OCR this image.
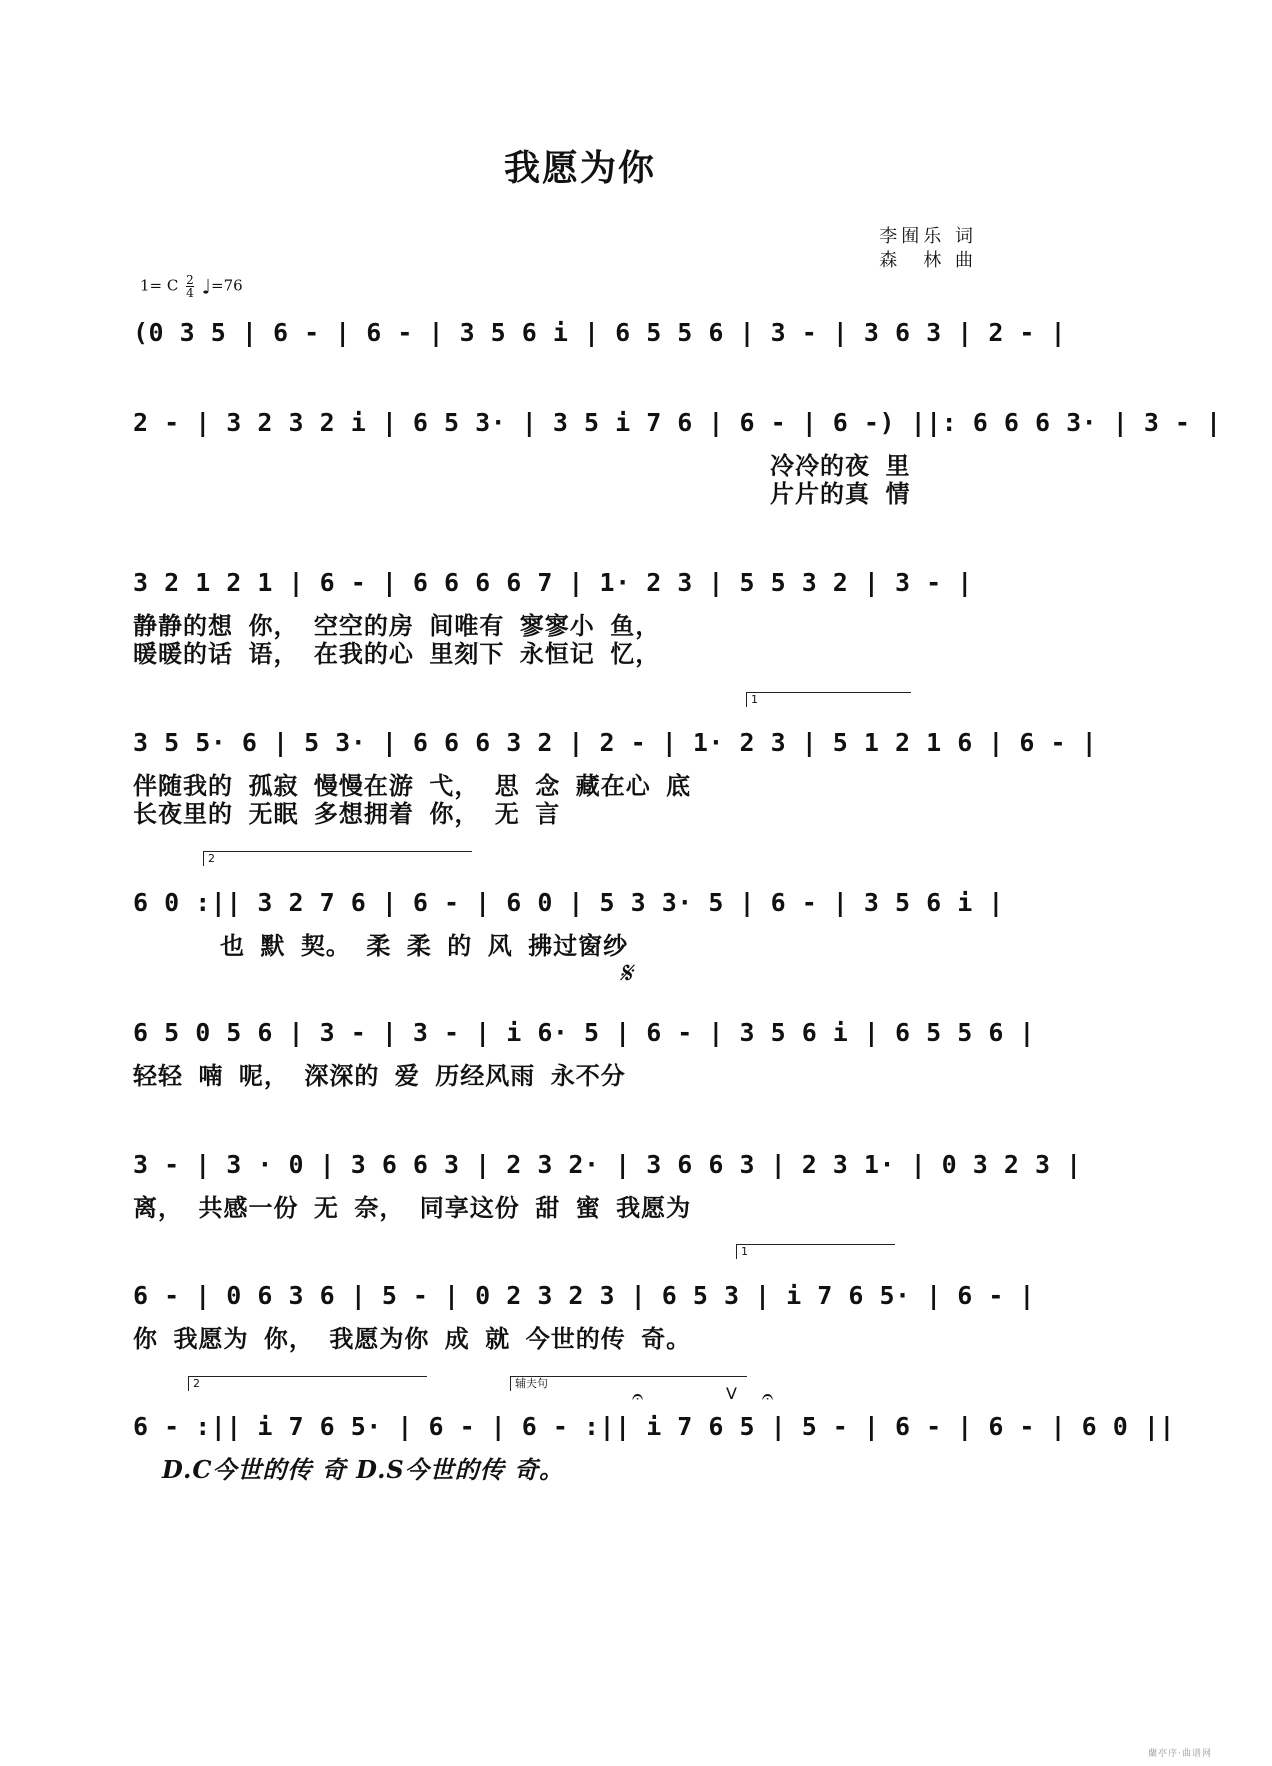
我愿为你
李囿乐 词
森　林 曲
1= C $\frac{2}{4}$ ♩=76
(0 3 5 | 6 - | 6 - | 3 5 6 i | 6 5 5 6 | 3 - | 3 6 3 | 2 - |
2 - | 3 2 3 2 i | 6 5 3· | 3 5 i 7 6 | 6 - | 6 -) ||: 6 6 6 3· | 3 - |
冷冷的夜 里
片片的真 情
3 2 1 2 1 | 6 - | 6 6 6 6 7 | 1· 2 3 | 5 5 3 2 | 3 - |
静静的想 你， 空空的房 间唯有 寥寥小 鱼，
暖暖的话 语， 在我的心 里刻下 永恒记 忆，
1
3 5 5· 6 | 5 3· | 6 6 6 3 2 | 2 - | 1· 2 3 | 5 1 2 1 6 | 6 - |
伴随我的 孤寂 慢慢在游 弋， 思 念 藏在心 底
长夜里的 无眠 多想拥着 你， 无 言
2
𝄋
6 0 :|| 3 2 7 6 | 6 - | 6 0 | 5 3 3· 5 | 6 - | 3 5 6 i |
也 默 契。 柔 柔 的 风 拂过窗纱
6 5 0 5 6 | 3 - | 3 - | i 6· 5 | 6 - | 3 5 6 i | 6 5 5 6 |
轻轻 喃 呢， 深深的 爱 历经风雨 永不分
3 - | 3 · 0 | 3 6 6 3 | 2 3 2· | 3 6 6 3 | 2 3 1· | 0 3 2 3 |
离， 共感一份 无 奈， 同享这份 甜 蜜 我愿为
1
6 - | 0 6 3 6 | 5 - | 0 2 3 2 3 | 6 5 3 | i 7 6 5· | 6 - |
你 我愿为 你， 我愿为你 成 就 今世的传 奇。
2	辅夫句
𝄐	V 𝄐
6 - :|| i 7 6 5· | 6 - | 6 - :|| i 7 6 5 | 5 - | 6 - | 6 - | 6 0 ||
D.C今世的传 奇 D.S今世的传 奇。
蘭亭序·曲谱网
